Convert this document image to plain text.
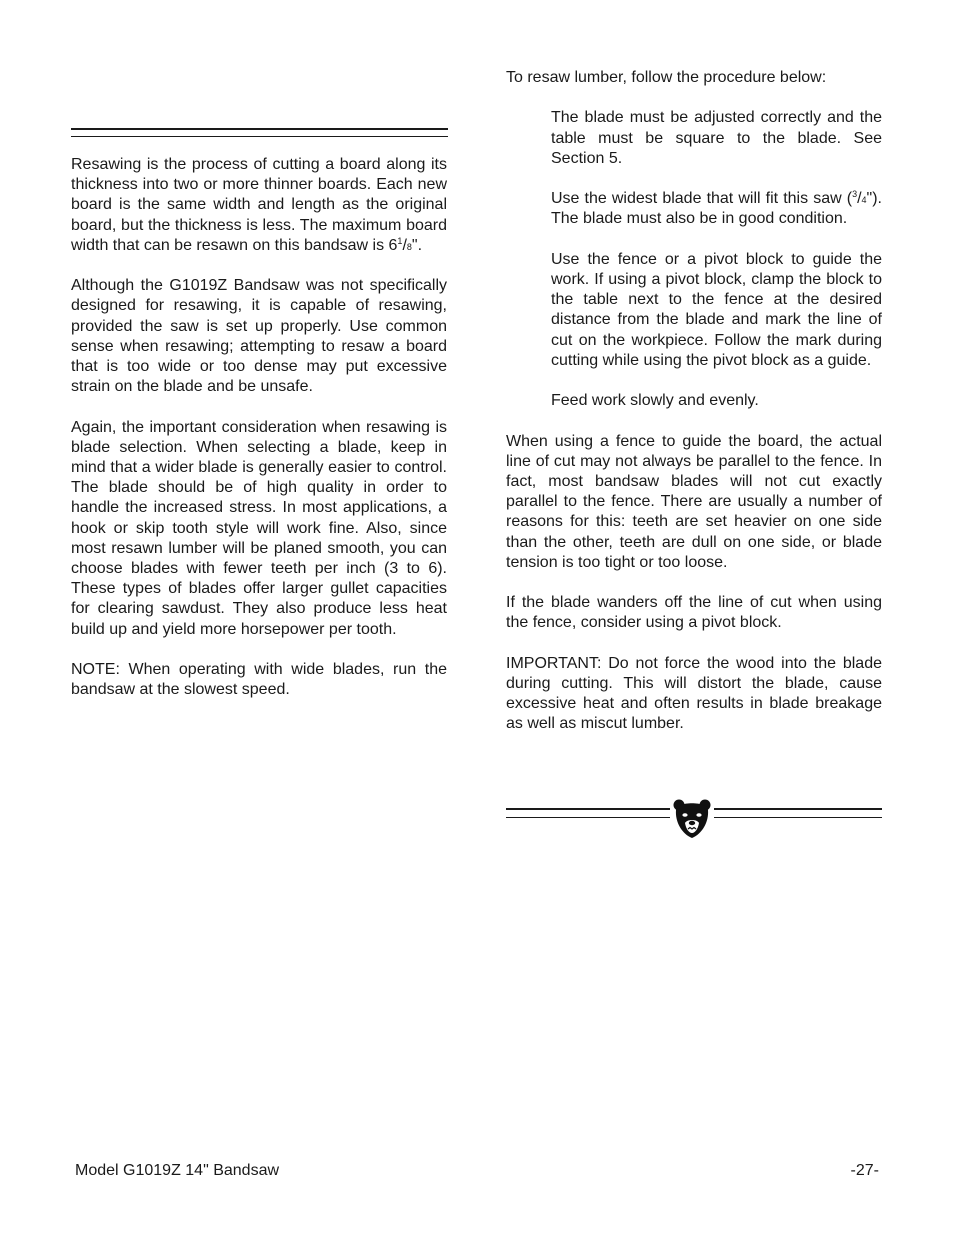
Resawing is the process of cutting a board along its thickness into two or more thinner boards. Each new board is the same width and length as the original board, but the thickness is less. The maximum board width that can be resawn on this bandsaw is $6^1/8$".

Although the G1019Z Bandsaw was not specifically designed for resawing, it is capable of resawing, provided the saw is set up properly. Use common sense when resawing; attempting to resaw a board that is too wide or too dense may put excessive strain on the blade and be unsafe.

Again, the important consideration when resawing is blade selection. When selecting a blade, keep in mind that a wider blade is generally easier to control. The blade should be of high quality in order to handle the increased stress. In most applications, a hook or skip tooth style will work fine. Also, since most resawn lumber will be planed smooth, you can choose blades with fewer teeth per inch (3 to 6). These types of blades offer larger gullet capacities for clearing sawdust. They also produce less heat build up and yield more horsepower per tooth.

NOTE: When operating with wide blades, run the bandsaw at the slowest speed.

To resaw lumber, follow the procedure below:

The blade must be adjusted correctly and the table must be square to the blade. See Section 5.

Use the widest blade that will fit this saw ($^3$/4"). The blade must also be in good condition.

Use the fence or a pivot block to guide the work. If using a pivot block, clamp the block to the table next to the fence at the desired distance from the blade and mark the line of cut on the workpiece. Follow the mark during cutting while using the pivot block as a guide.

Feed work slowly and evenly.

When using a fence to guide the board, the actual line of cut may not always be parallel to the fence. In fact, most bandsaw blades will not cut exactly parallel to the fence. There are usually a number of reasons for this: teeth are set heavier on one side than the other, teeth are dull on one side, or blade tension is too tight or too loose.

If the blade wanders off the line of cut when using the fence, consider using a pivot block.

IMPORTANT: Do not force the wood into the blade during cutting. This will distort the blade, cause excessive heat and often results in blade breakage as well as miscut lumber.

Model G1019Z 14" Bandsaw	-27-
